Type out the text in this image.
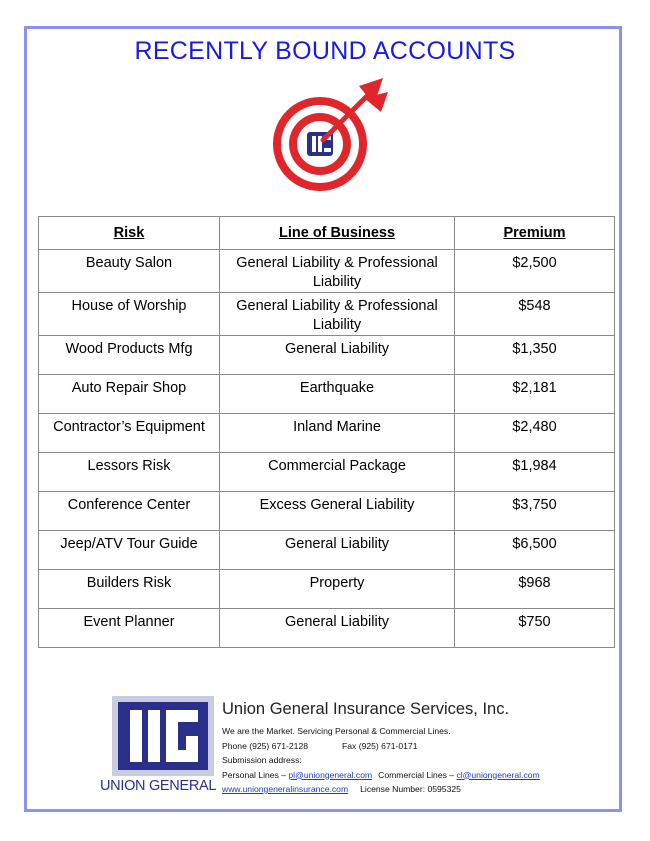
RECENTLY BOUND ACCOUNTS
Risk	Line of Business	Premium
Beauty Salon	General Liability & Professional Liability	$2,500
House of Worship	General Liability & Professional Liability	$548
Wood Products Mfg	General Liability	$1,350
Auto Repair Shop	Earthquake	$2,181
Contractor’s Equipment	Inland Marine	$2,480
Lessors Risk	Commercial Package	$1,984
Conference Center	Excess General Liability	$3,750
Jeep/ATV Tour Guide	General Liability	$6,500
Builders Risk	Property	$968
Event Planner	General Liability	$750
UNION GENERAL
Union General Insurance Services, Inc.
We are the Market. Servicing Personal & Commercial Lines.
Phone (925) 671-2128	Fax (925) 671-0171
Submission address:
Personal Lines – pl@uniongeneral.com Commercial Lines – cl@uniongeneral.com
www.uniongeneralinsurance.com License Number: 0595325
